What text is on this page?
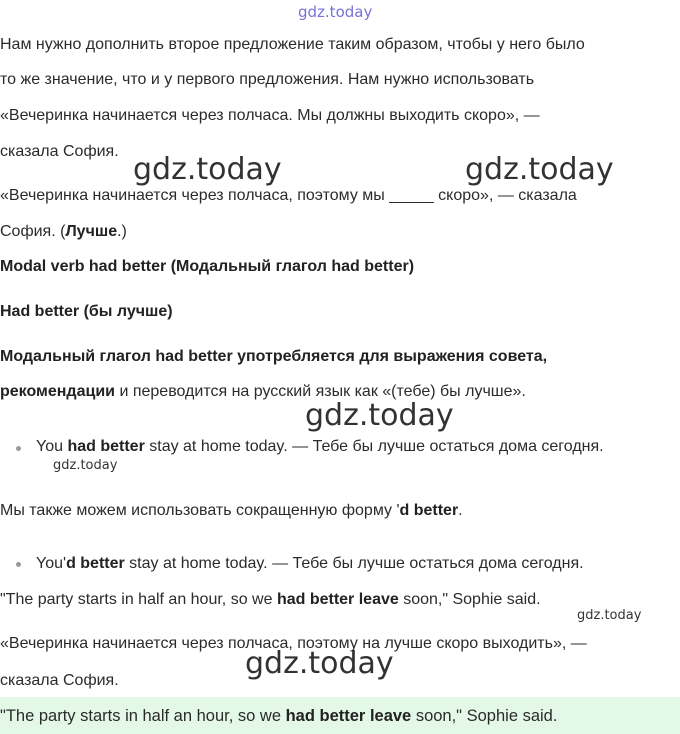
gdz.today
Нам нужно дополнить второе предложение таким образом, чтобы у него было
то же значение, что и у первого предложения. Нам нужно использовать
«Вечеринка начинается через полчаса. Мы должны выходить скоро», —
сказала София.
gdz.today	gdz.today
«Вечеринка начинается через полчаса, поэтому мы _____ скоро», — сказала
София. (Лучше.)
Modal verb had better (Модальный глагол had better)
Had better (бы лучше)
Модальный глагол had better употребляется для выражения совета,
рекомендации и переводится на русский язык как «(тебе) бы лучше».
gdz.today
You had better stay at home today. — Тебе бы лучше остаться дома сегодня.
gdz.today
Мы также можем использовать сокращенную форму 'd better.
You'd better stay at home today. — Тебе бы лучше остаться дома сегодня.
"The party starts in half an hour, so we had better leave soon," Sophie said.
gdz.today
«Вечеринка начинается через полчаса, поэтому на лучше скоро выходить», —
gdz.today
сказала София.
"The party starts in half an hour, so we had better leave soon," Sophie said.
